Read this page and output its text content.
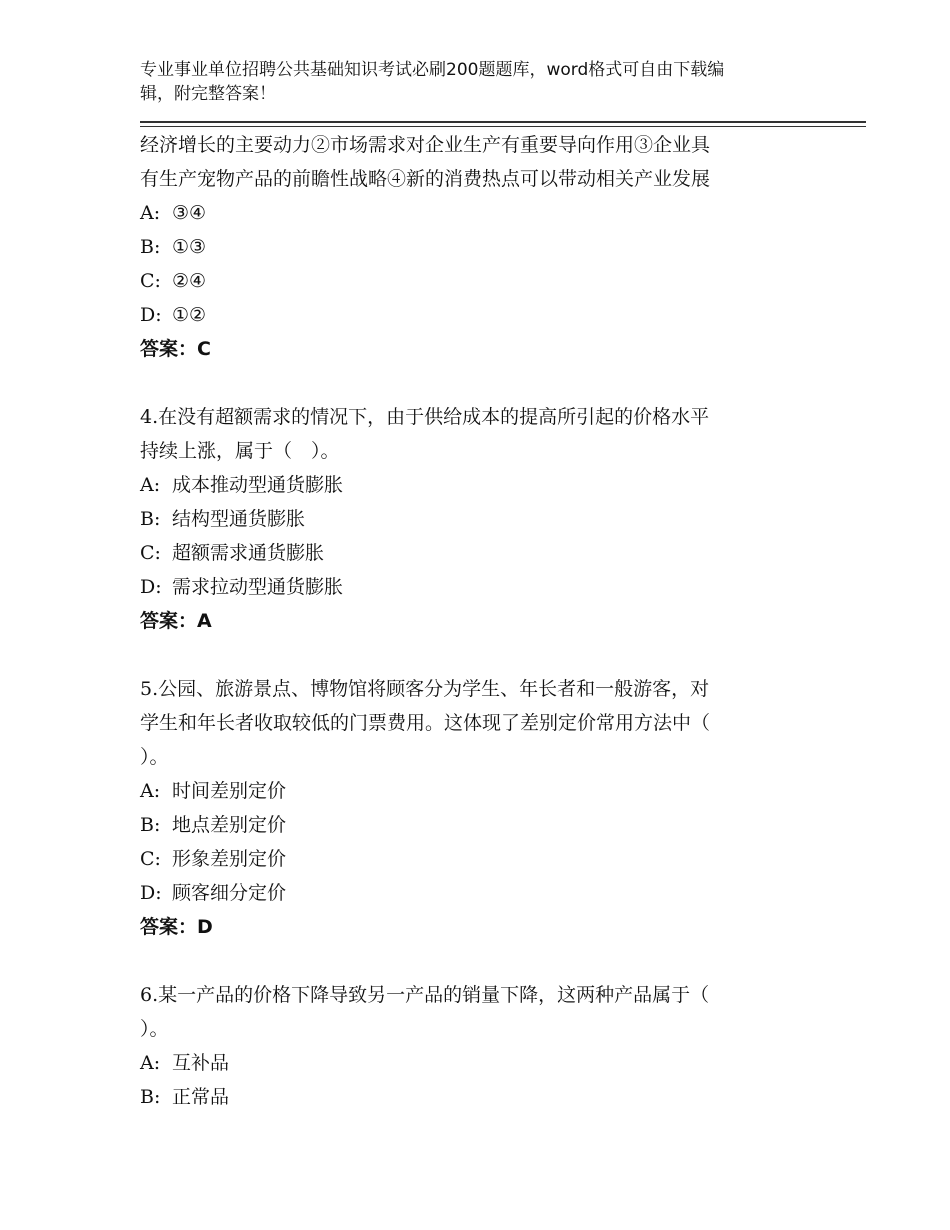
专业事业单位招聘公共基础知识考试必刷200题题库，word格式可自由下载编
辑，附完整答案！
经济增长的主要动力②市场需求对企业生产有重要导向作用③企业具
有生产宠物产品的前瞻性战略④新的消费热点可以带动相关产业发展
A: ③④
B: ①③
C: ②④
D: ①②
答案：C
4.在没有超额需求的情况下，由于供给成本的提高所引起的价格水平
持续上涨，属于（　）。
A: 成本推动型通货膨胀
B: 结构型通货膨胀
C: 超额需求通货膨胀
D: 需求拉动型通货膨胀
答案：A
5.公园、旅游景点、博物馆将顾客分为学生、年长者和一般游客，对
学生和年长者收取较低的门票费用。这体现了差别定价常用方法中（
）。
A: 时间差别定价
B: 地点差别定价
C: 形象差别定价
D: 顾客细分定价
答案：D
6.某一产品的价格下降导致另一产品的销量下降，这两种产品属于（
）。
A: 互补品
B: 正常品
